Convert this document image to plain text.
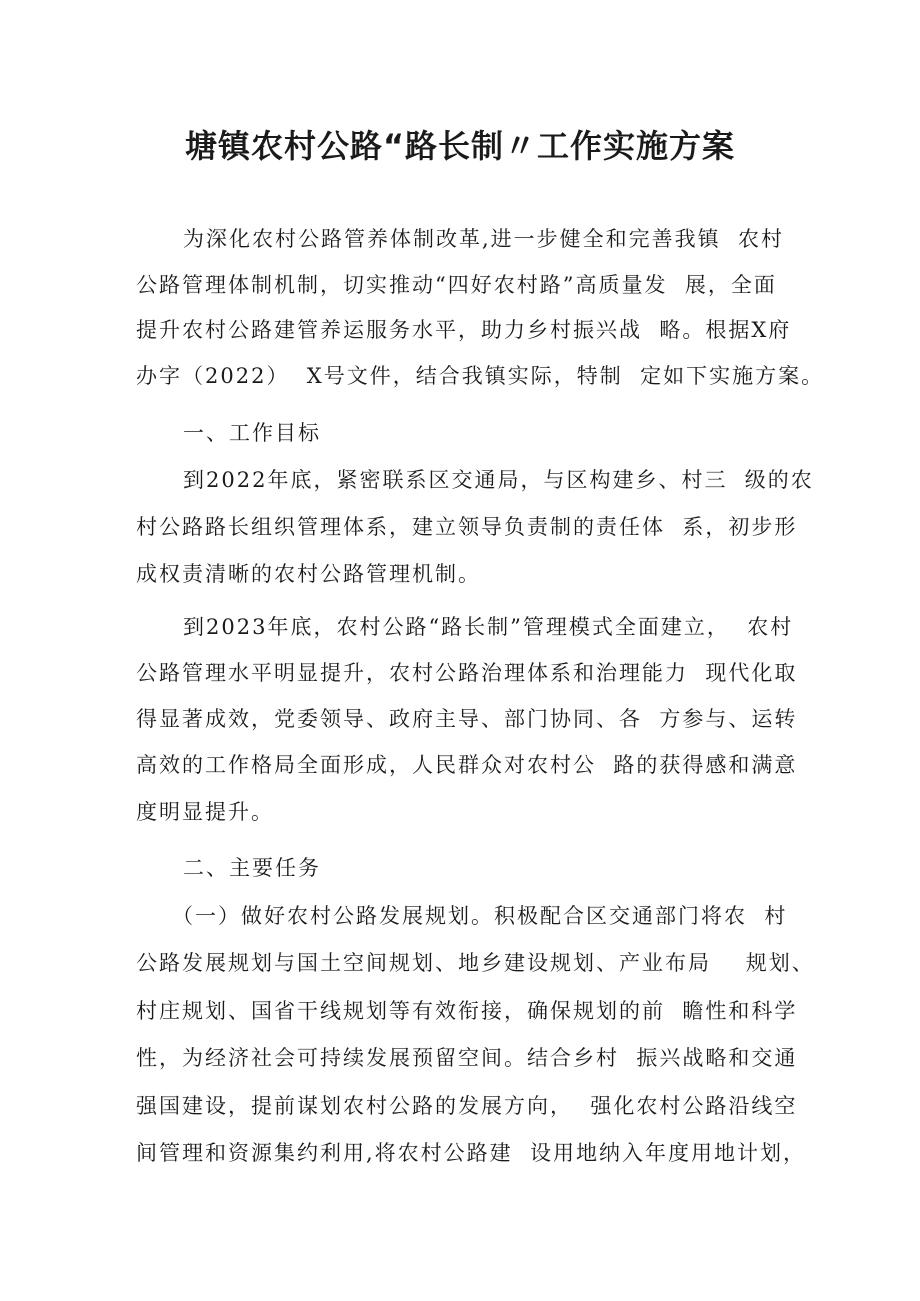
塘镇农村公路“路长制〃工作实施方案
为深化农村公路管养体制改革,进一步健全和完善我镇  农村
公路管理体制机制，切实推动“四好农村路”高质量发  展，全面
提升农村公路建管养运服务水平，助力乡村振兴战  略。根据X府
办字（2022）  X号文件，结合我镇实际，特制  定如下实施方案。
一、工作目标
到2022年底，紧密联系区交通局，与区构建乡、村三  级的农
村公路路长组织管理体系，建立领导负责制的责任体  系，初步形
成权责清晰的农村公路管理机制。
到2023年底，农村公路“路长制”管理模式全面建立，  农村
公路管理水平明显提升，农村公路治理体系和治理能力  现代化取
得显著成效，党委领导、政府主导、部门协同、各  方参与、运转
高效的工作格局全面形成，人民群众对农村公  路的获得感和满意
度明显提升。
二、主要任务
（一）做好农村公路发展规划。积极配合区交通部门将农  村
公路发展规划与国土空间规划、地乡建设规划、产业布局    规划、
村庄规划、国省干线规划等有效衔接，确保规划的前  瞻性和科学
性，为经济社会可持续发展预留空间。结合乡村  振兴战略和交通
强国建设，提前谋划农村公路的发展方向，  强化农村公路沿线空
间管理和资源集约利用,将农村公路建  设用地纳入年度用地计划，
